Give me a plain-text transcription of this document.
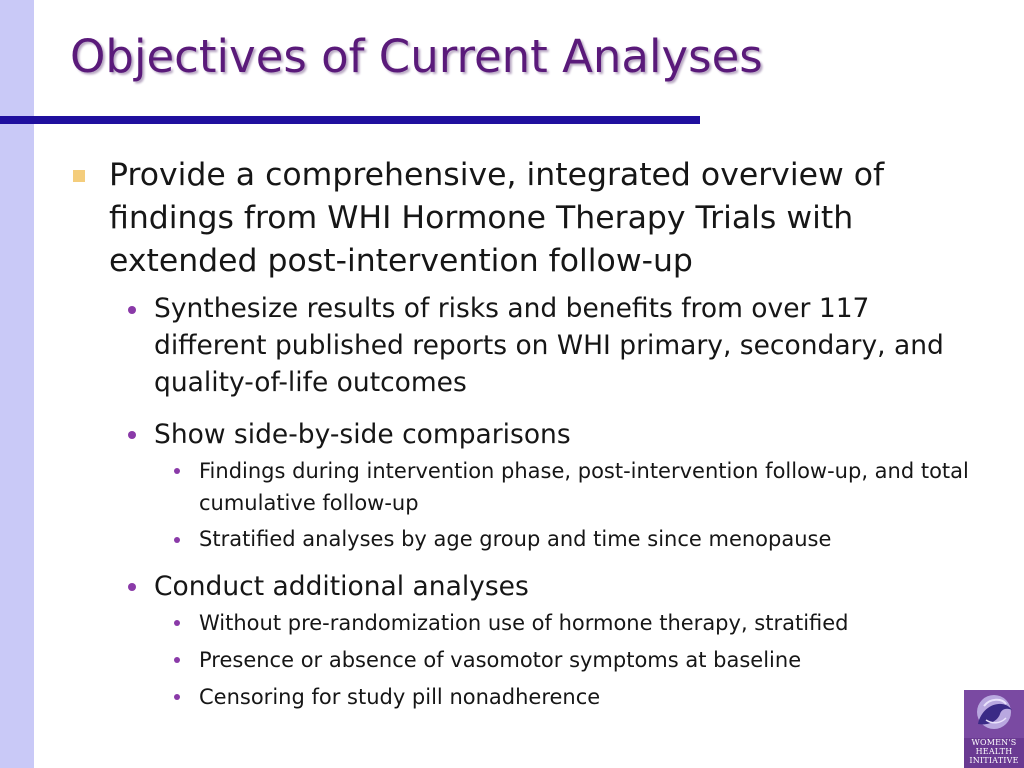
Objectives of Current Analyses
Provide a comprehensive, integrated overview of findings from WHI Hormone Therapy Trials with extended post-intervention follow-up
Synthesize results of risks and benefits from over 117 different published reports on WHI primary, secondary, and quality-of-life outcomes
Show side-by-side comparisons
Findings during intervention phase, post-intervention follow-up, and total cumulative follow-up
Stratified analyses by age group and time since menopause
Conduct additional analyses
Without pre-randomization use of hormone therapy, stratified
Presence or absence of vasomotor symptoms at baseline
Censoring for study pill nonadherence
WOMEN'S
HEALTH
INITIATIVE
